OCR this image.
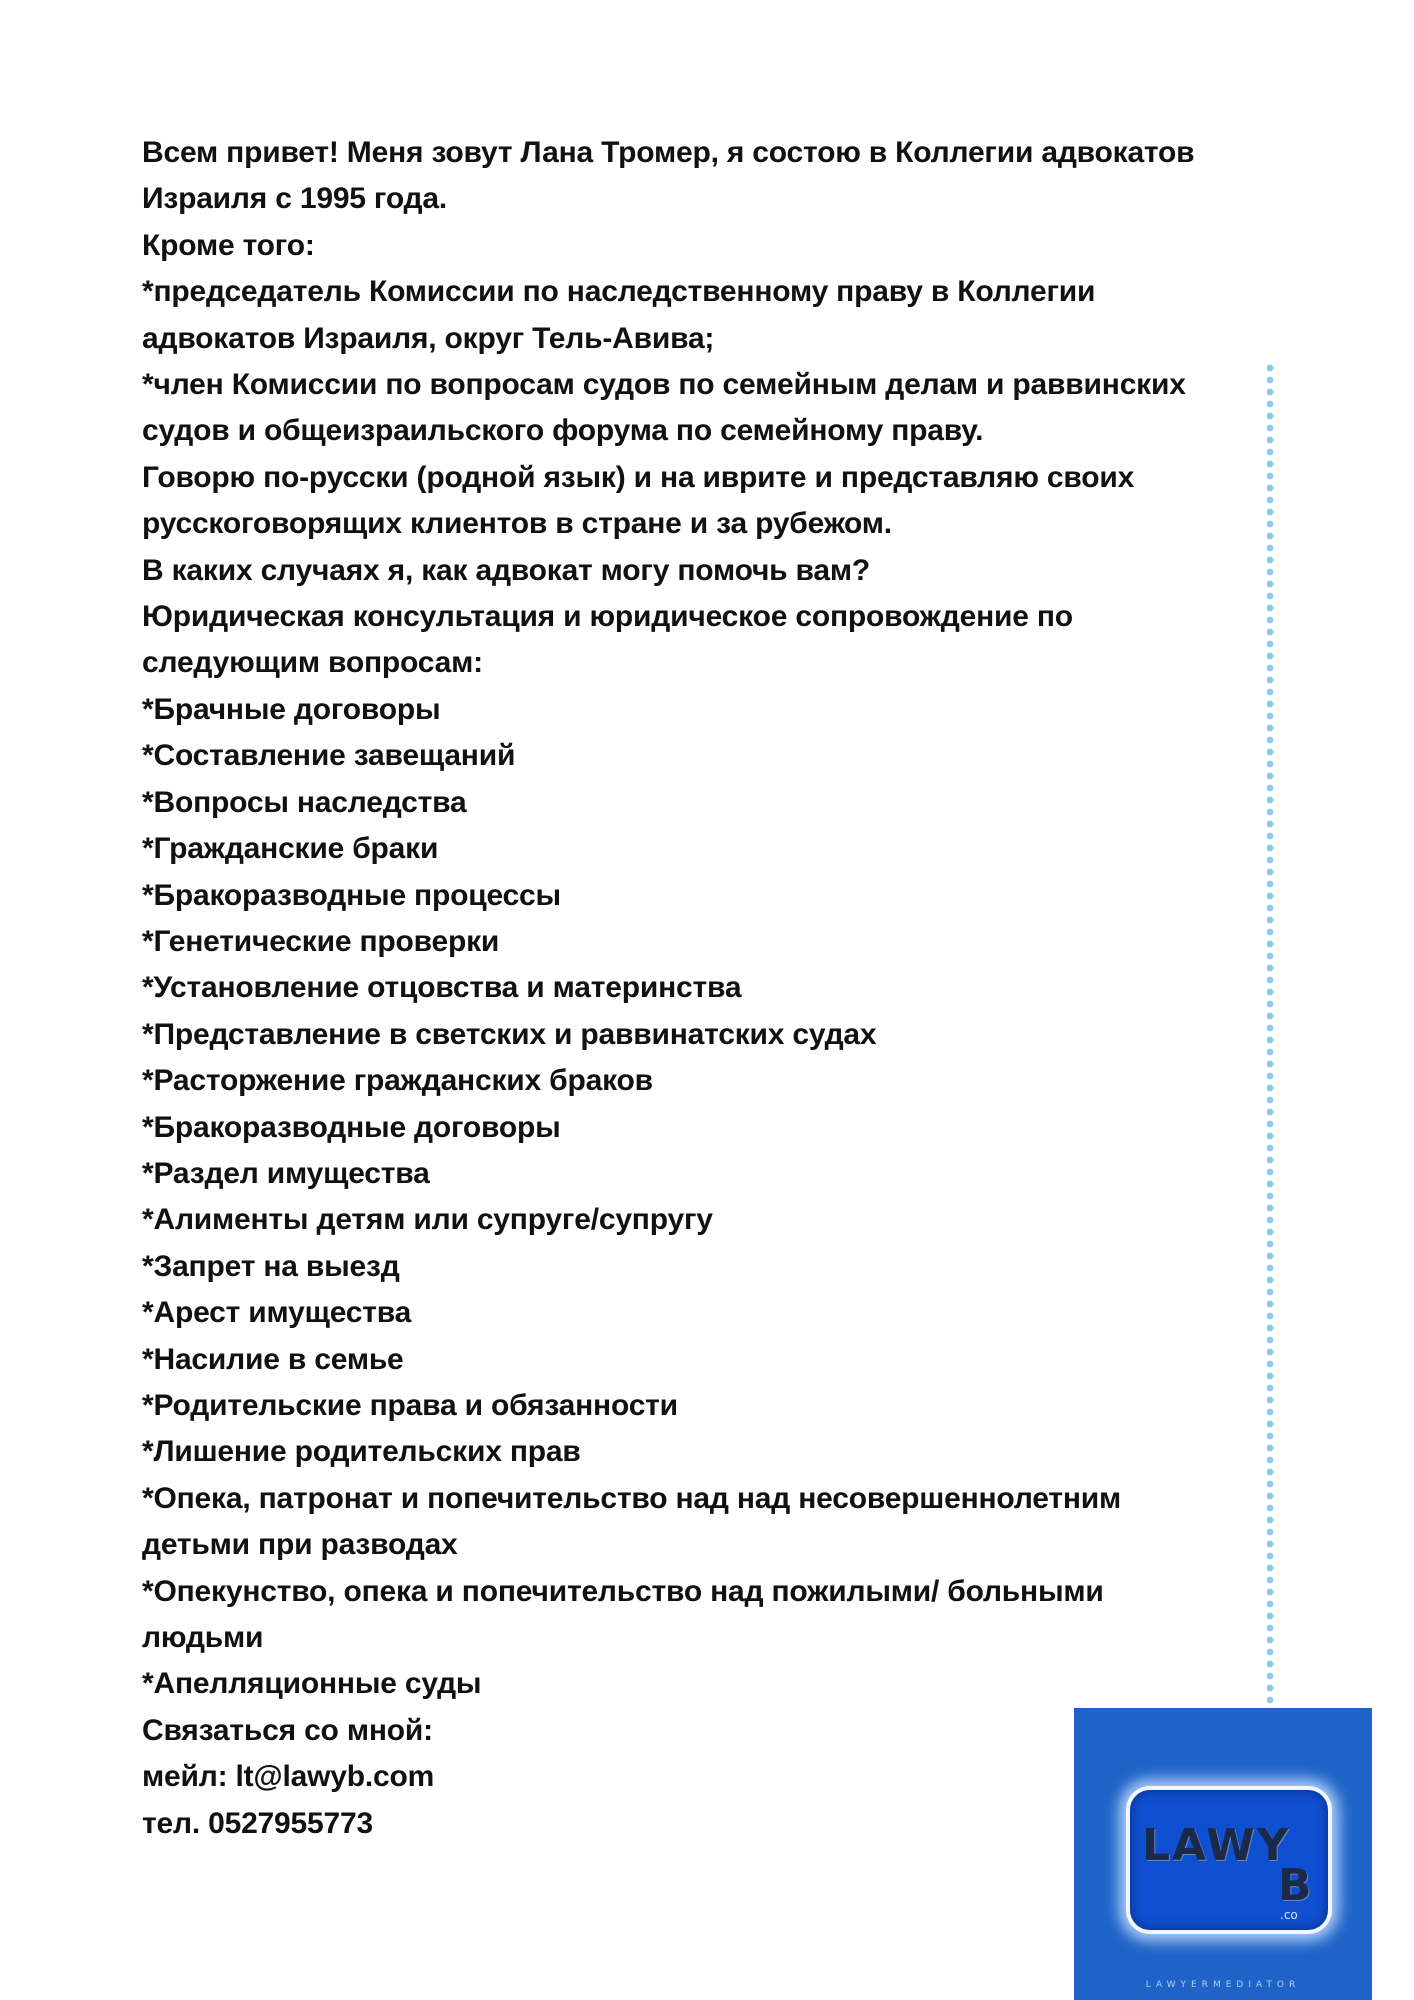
Всем привет! Меня зовут Лана Тромер, я состою в Коллегии адвокатов
Израиля с 1995 года.
Кроме того:
*председатель Комиссии по наследственному праву в Коллегии
адвокатов Израиля, округ Тель-Авива;
*член Комиссии по вопросам судов по семейным делам и раввинских
судов и общеизраильского форума по семейному праву.
Говорю по-русски (родной язык) и на иврите и представляю своих
русскоговорящих клиентов в стране и за рубежом.
В каких случаях я, как адвокат могу помочь вам?
Юридическая консультация и юридическое сопровождение по
следующим вопросам:
*Брачные договоры
*Составление завещаний
*Вопросы наследства
*Гражданские браки
*Бракоразводные процессы
*Генетические проверки
*Установление отцовства и материнства
*Представление в светских и раввинатских судах
*Расторжение гражданских браков
*Бракоразводные договоры
*Раздел имущества
*Алименты детям или супруге/супругу
*Запрет на выезд
*Арест имущества
*Насилие в семье
*Родительские права и обязанности
*Лишение родительских прав
*Опека, патронат и попечительство над над несовершеннолетним
детьми при разводах
*Опекунство, опека и попечительство над пожилыми/ больными
людьми
*Апелляционные суды
Связаться со мной:
мейл: lt@lawyb.com
тел. 0527955773	LAWY
B
.co
LAWYERMEDIATOR
